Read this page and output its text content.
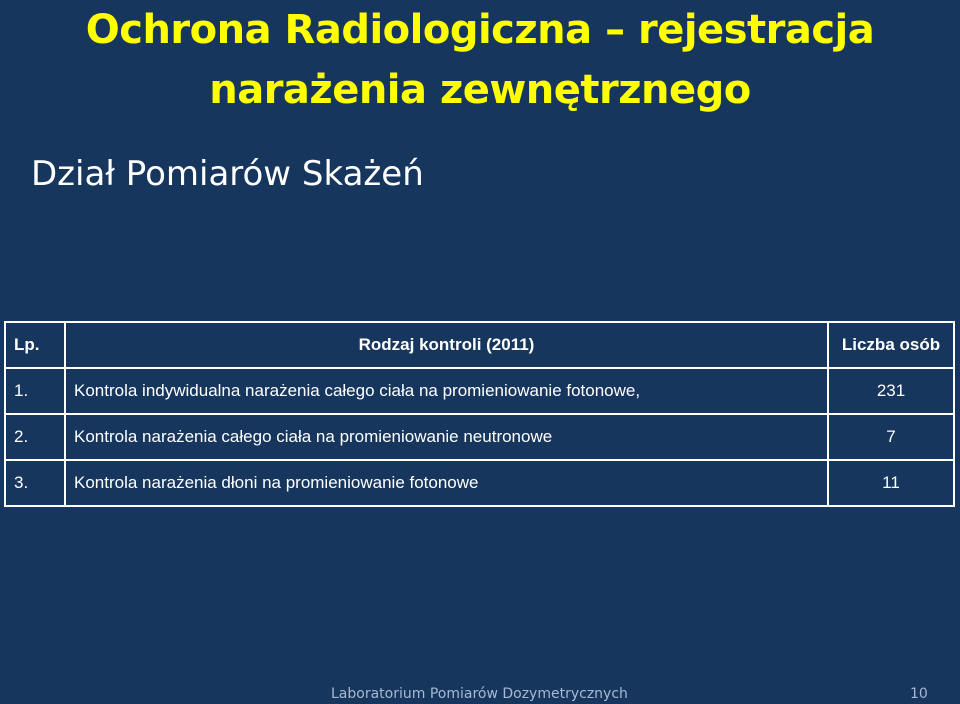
Ochrona Radiologiczna – rejestracja
narażenia zewnętrznego
Dział Pomiarów Skażeń
Lp.	Rodzaj kontroli (2011)	Liczba osób
1.	Kontrola indywidualna narażenia całego ciała na promieniowanie fotonowe,	231
2.	Kontrola narażenia całego ciała na promieniowanie neutronowe	7
3.	Kontrola narażenia dłoni na promieniowanie fotonowe	11
Laboratorium Pomiarów Dozymetrycznych	10
